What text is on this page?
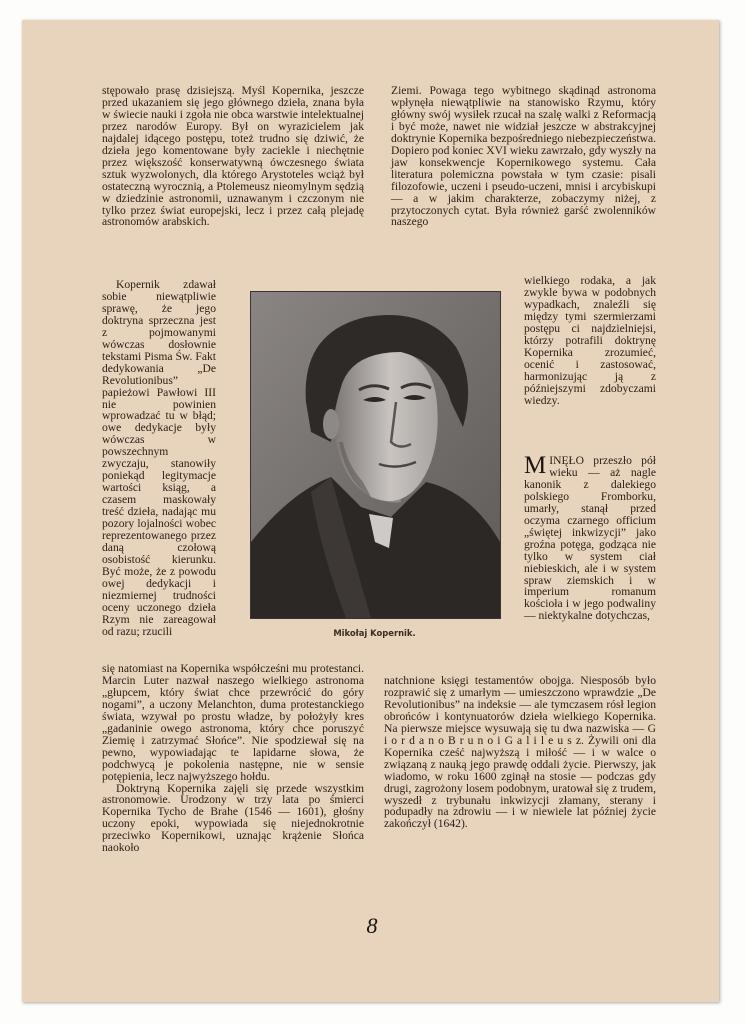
stępowało prasę dzisiejszą. Myśl Kopernika, jeszcze przed ukazaniem się jego głównego dzieła, znana była w świecie nauki i zgoła nie obca warstwie intelektualnej przez narodów Europy. Był on wyrazicielem jak najdalej idącego postępu, toteż trudno się dziwić, że dzieła jego komentowane były zaciekle i niechętnie przez większość konserwatywną ówczesnego świata sztuk wyzwolonych, dla którego Arystoteles wciąż był ostateczną wyrocznią, a Ptolemeusz nieomylnym sędzią w dziedzinie astronomii, uznawanym i czczonym nie tylko przez świat europejski, lecz i przez całą plejadę astronomów arabskich.

Kopernik zdawał sobie niewątpliwie sprawę, że jego doktryna sprzeczna jest z pojmowanymi wówczas dosłownie tekstami Pisma Św. Fakt dedykowania „De Revolutionibus” papieżowi Pawłowi III nie powinien wprowadzać tu w błąd; owe dedykacje były wówczas w powszechnym zwyczaju, stanowiły poniekąd legitymacje wartości ksiąg, a czasem maskowały treść dzieła, nadając mu pozory lojalności wobec reprezentowanego przez daną czołową osobistość kierunku. Być może, że z powodu owej dedykacji i niezmiernej trudności oceny uczonego dzieła Rzym nie zareagował od razu; rzucili

się natomiast na Kopernika współcześni mu protestanci. Marcin Luter nazwał naszego wielkiego astronoma „głupcem, który świat chce przewrócić do góry nogami”, a uczony Melanchton, duma protestanckiego świata, wzywał po prostu władze, by położyły kres „gadaninie owego astronoma, który chce poruszyć Ziemię i zatrzymać Słońce”. Nie spodziewał się na pewno, wypowiadając te lapidarne słowa, że podchwycą je pokolenia następne, nie w sensie potępienia, lecz najwyższego hołdu.

Doktryną Kopernika zajęli się przede wszystkim astronomowie. Urodzony w trzy lata po śmierci Kopernika Tycho de Brahe (1546 — 1601), głośny uczony epoki, wypowiada się niejednokrotnie przeciwko Kopernikowi, uznając krążenie Słońca naokoło

Ziemi. Powaga tego wybitnego skądinąd astronoma wpłynęła niewątpliwie na stanowisko Rzymu, który główny swój wysiłek rzucał na szalę walki z Reformacją i być może, nawet nie widział jeszcze w abstrakcyjnej doktrynie Kopernika bezpośredniego niebezpieczeństwa. Dopiero pod koniec XVI wieku zawrzało, gdy wyszły na jaw konsekwencje Kopernikowego systemu. Cała literatura polemiczna powstała w tym czasie: pisali filozofowie, uczeni i pseudo-uczeni, mnisi i arcybiskupi — a w jakim charakterze, zobaczymy niżej, z przytoczonych cytat. Była również garść zwolenników naszego

wielkiego rodaka, a jak zwykle bywa w podobnych wypadkach, znaleźli się między tymi szermierzami postępu ci najdzielniejsi, którzy potrafili doktrynę Kopernika zrozumieć, ocenić i zastosować, harmonizując ją z późniejszymi zdobyczami wiedzy.

MINĘŁO przeszło pół wieku — aż nagle kanonik z dalekiego polskiego Fromborku, umarły, stanął przed oczyma czarnego officium „świętej inkwizycji” jako groźna potęga, godząca nie tylko w system ciał niebieskich, ale i w system spraw ziemskich i w imperium romanum kościoła i w jego podwaliny — niektykalne dotychczas,

natchnione księgi testamentów obojga. Niesposób było rozprawić się z umarłym — umieszczono wprawdzie „De Revolutionibus” na indeksie — ale tymczasem rósł legion obrońców i kontynuatorów dzieła wielkiego Kopernika. Na pierwsze miejsce wysuwają się tu dwa nazwiska — G i o r d a n o B r u n o i G a l i l e u s z. Żywili oni dla Kopernika cześć najwyższą i miłość — i w walce o związaną z nauką jego prawdę oddali życie. Pierwszy, jak wiadomo, w roku 1600 zginął na stosie — podczas gdy drugi, zagrożony losem podobnym, uratował się z trudem, wyszedł z trybunału inkwizycji złamany, sterany i podupadły na zdrowiu — i w niewiele lat później życie zakończył (1642).

Mikołaj Kopernik.
8
